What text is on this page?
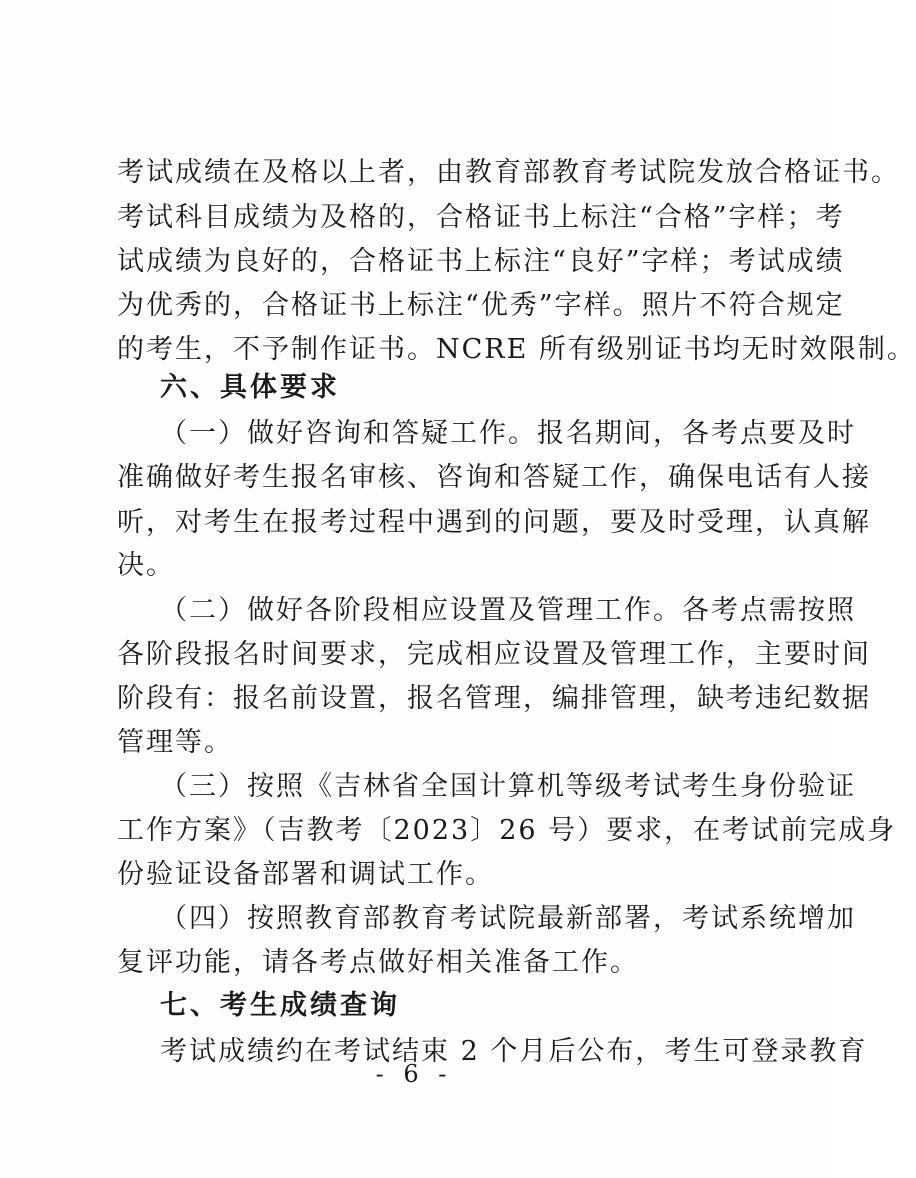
考试成绩在及格以上者，由教育部教育考试院发放合格证书。
考试科目成绩为及格的，合格证书上标注“合格”字样；考
试成绩为良好的，合格证书上标注“良好”字样；考试成绩
为优秀的，合格证书上标注“优秀”字样。照片不符合规定
的考生，不予制作证书。NCRE 所有级别证书均无时效限制。
六、具体要求
（一）做好咨询和答疑工作。报名期间，各考点要及时
准确做好考生报名审核、咨询和答疑工作，确保电话有人接
听，对考生在报考过程中遇到的问题，要及时受理，认真解
决。
（二）做好各阶段相应设置及管理工作。各考点需按照
各阶段报名时间要求，完成相应设置及管理工作，主要时间
阶段有：报名前设置，报名管理，编排管理，缺考违纪数据
管理等。
（三）按照《吉林省全国计算机等级考试考生身份验证
工作方案》（吉教考〔2023〕26 号）要求，在考试前完成身
份验证设备部署和调试工作。
（四）按照教育部教育考试院最新部署，考试系统增加
复评功能，请各考点做好相关准备工作。
七、考生成绩查询
考试成绩约在考试结束 2 个月后公布，考生可登录教育
- 6 -
